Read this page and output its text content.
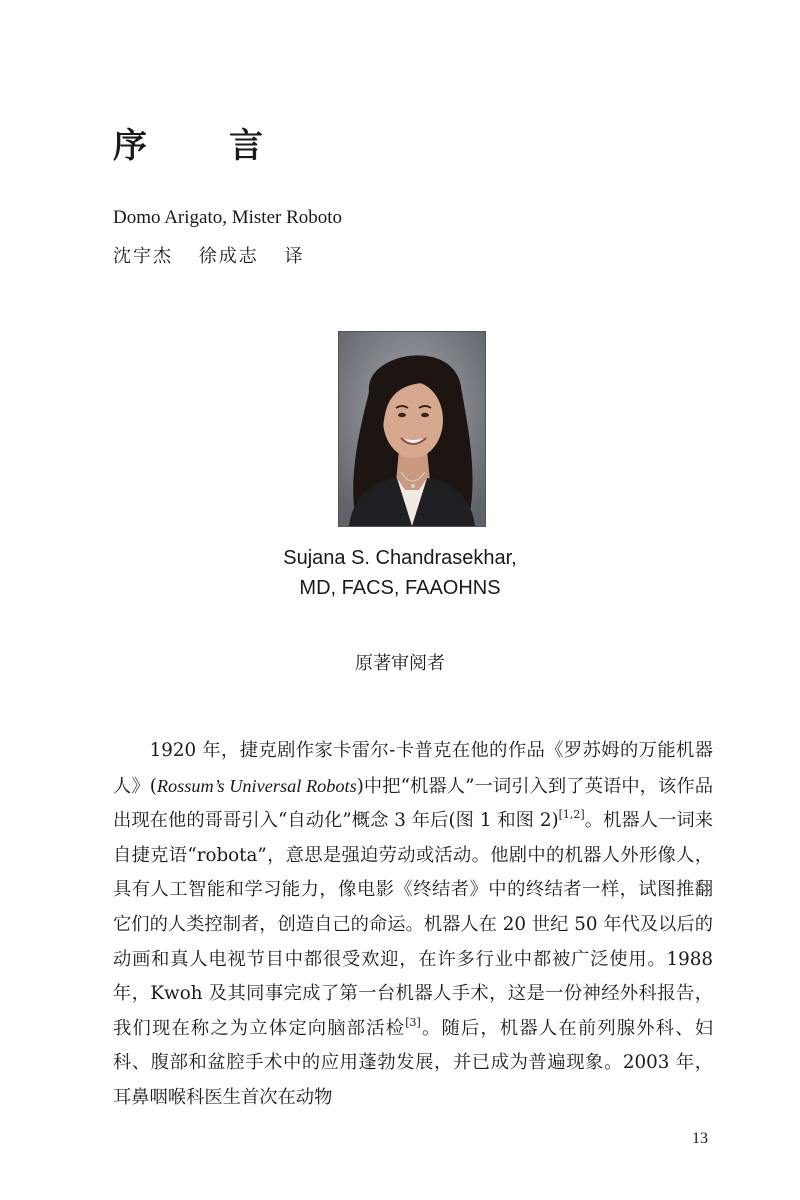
序　言
Domo Arigato, Mister Roboto
沈宇杰 徐成志 译
Sujana S. Chandrasekhar,
MD, FACS, FAAOHNS
原著审阅者

1920 年，捷克剧作家卡雷尔-卡普克在他的作品《罗苏姆的万能机器人》(Rossum’s Universal Robots)中把“机器人”一词引入到了英语中，该作品出现在他的哥哥引入“自动化”概念 3 年后(图 1 和图 2)[1,2]。机器人一词来自捷克语“robota”，意思是强迫劳动或活动。他剧中的机器人外形像人，具有人工智能和学习能力，像电影《终结者》中的终结者一样，试图推翻它们的人类控制者，创造自己的命运。机器人在 20 世纪 50 年代及以后的动画和真人电视节目中都很受欢迎，在许多行业中都被广泛使用。1988 年，Kwoh 及其同事完成了第一台机器人手术，这是一份神经外科报告，我们现在称之为立体定向脑部活检[3]。随后，机器人在前列腺外科、妇科、腹部和盆腔手术中的应用蓬勃发展，并已成为普遍现象。2003 年，耳鼻咽喉科医生首次在动物

13
